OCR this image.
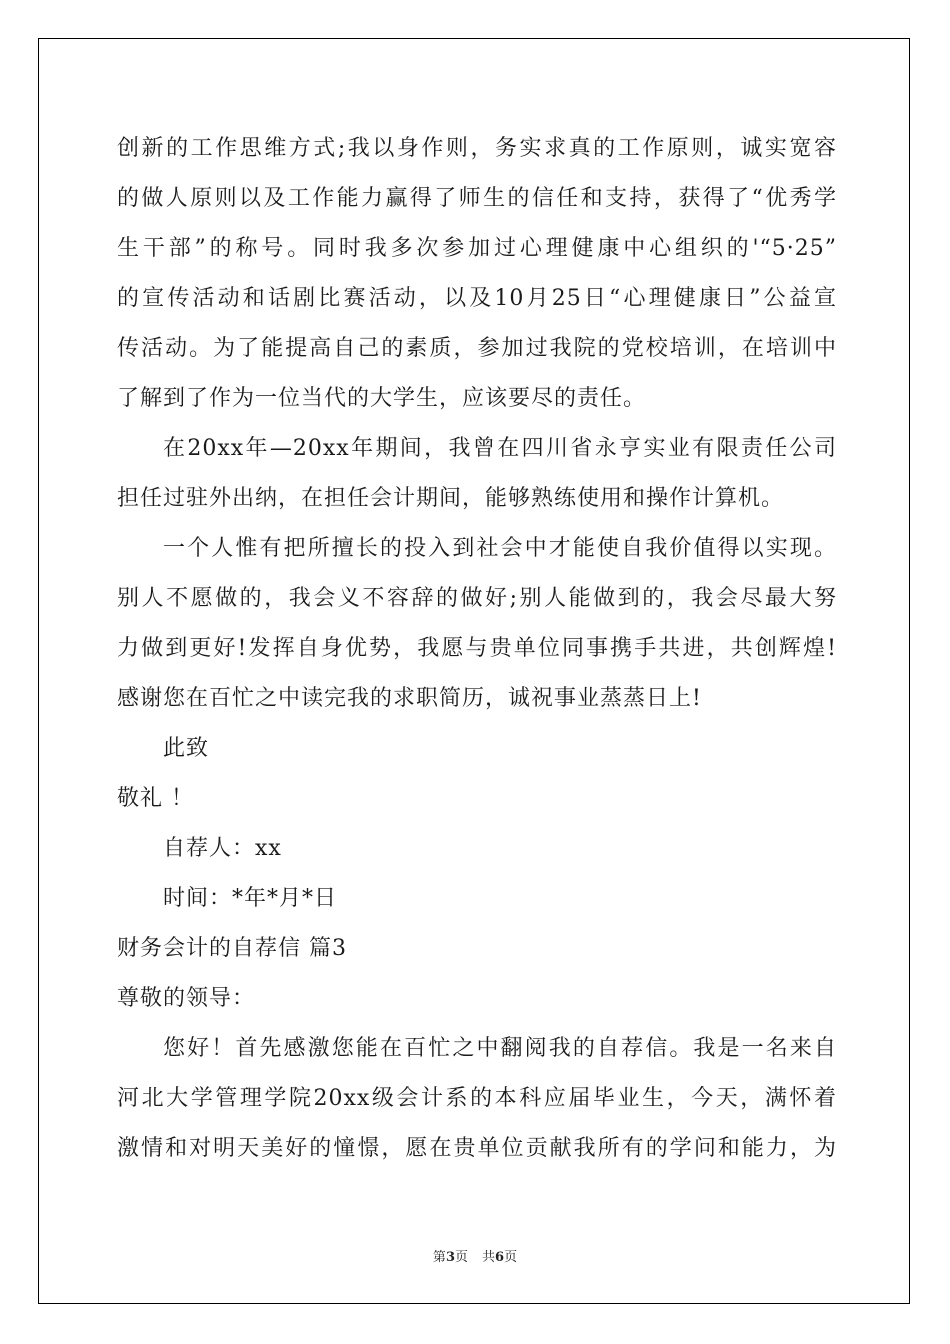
创新的工作思维方式;我以身作则，务实求真的工作原则，诚实宽容
的做人原则以及工作能力赢得了师生的信任和支持，获得了“优秀学
生干部”的称号。同时我多次参加过心理健康中心组织的'“5·25”
的宣传活动和话剧比赛活动，以及10月25日“心理健康日”公益宣
传活动。为了能提高自己的素质，参加过我院的党校培训，在培训中
了解到了作为一位当代的大学生，应该要尽的责任。
在20xx年—20xx年期间，我曾在四川省永亨实业有限责任公司
担任过驻外出纳，在担任会计期间，能够熟练使用和操作计算机。
一个人惟有把所擅长的投入到社会中才能使自我价值得以实现。
别人不愿做的，我会义不容辞的做好;别人能做到的，我会尽最大努
力做到更好!发挥自身优势，我愿与贵单位同事携手共进，共创辉煌!
感谢您在百忙之中读完我的求职简历，诚祝事业蒸蒸日上!
此致
敬礼 ！
自荐人：xx
时间：*年*月*日
财务会计的自荐信 篇3
尊敬的领导：
您好！首先感激您能在百忙之中翻阅我的自荐信。我是一名来自
河北大学管理学院20xx级会计系的本科应届毕业生，今天，满怀着
激情和对明天美好的憧憬，愿在贵单位贡献我所有的学问和能力，为
第3页 共6页
